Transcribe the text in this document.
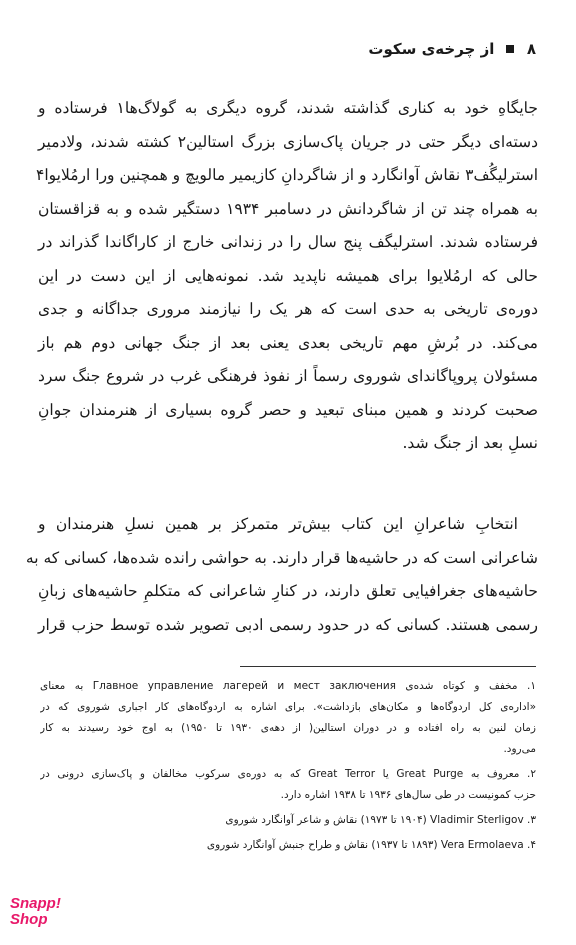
۸  از چرخه‌ی سکوت
جایگاهِ خود به کناری گذاشته شدند، گروه دیگری به گولاگ‌ها۱ فرستاده و
دسته‌ای دیگر حتی در جریان پاک‌سازی بزرگ استالین۲ کشته شدند، ولادمیر
استرلیگُف۳ نقاش آوانگارد و از شاگردانِ کازیمیر مالویچ و همچنین ورا ارمُلایوا۴
به همراه چند تن از شاگردانش در دسامبر ۱۹۳۴ دستگیر شده و به قزاقستان
فرستاده شدند. استرلیگف پنج سال را در زندانی خارج از کاراگاندا گذراند در
حالی که ارمُلایوا برای همیشه ناپدید شد. نمونه‌هایی از این دست در این
دوره‌ی تاریخی به حدی است که هر یک را نیازمند مروری جداگانه و جدی
می‌کند. در بُرشِ مهم تاریخی بعدی یعنی بعد از جنگ جهانی دوم هم باز
مسئولان پروپاگاندای شوروی رسماً از نفوذ فرهنگی غرب در شروع جنگ سرد
صحبت کردند و همین مبنای تبعید و حصر گروه بسیاری از هنرمندان جوانِ
نسلِ بعد از جنگ شد.
انتخابِ شاعرانِ این کتاب بیش‌تر متمرکز بر همین نسلِ هنرمندان و
شاعرانی است که در حاشیه‌ها قرار دارند. به حواشی رانده شده‌ها، کسانی که به
حاشیه‌های جغرافیایی تعلق دارند، در کنارِ شاعرانی که متکلمِ حاشیه‌های زبانِ
رسمی هستند. کسانی که در حدود رسمی ادبی تصویر شده توسط حزب قرار
۱. مخفف و کوتاه شده‌ی Главное управление лагерей и мест заключения به معنای
«اداره‌ی کل اردوگاه‌ها و مکان‌های بازداشت». برای اشاره به اردوگاه‌های کار اجباری شوروی که در
زمان لنین به راه افتاده و در دوران استالین( از دهه‌ی ۱۹۳۰ تا ۱۹۵۰) به اوج خود رسیدند به کار
می‌رود.
۲. معروف به Great Purge یا Great Terror که به دوره‌ی سرکوب مخالفان و پاک‌سازی درونی در
حزب کمونیست در طی سال‌های ۱۹۳۶ تا ۱۹۳۸ اشاره دارد.
۳. Vladimir Sterligov (۱۹۰۴ تا ۱۹۷۳) نقاش و شاعر آوانگارد شوروی
۴. Vera Ermolaeva (۱۸۹۳ تا ۱۹۳۷) نقاش و طراح جنبش آوانگارد شوروی
Snapp!
Shop
